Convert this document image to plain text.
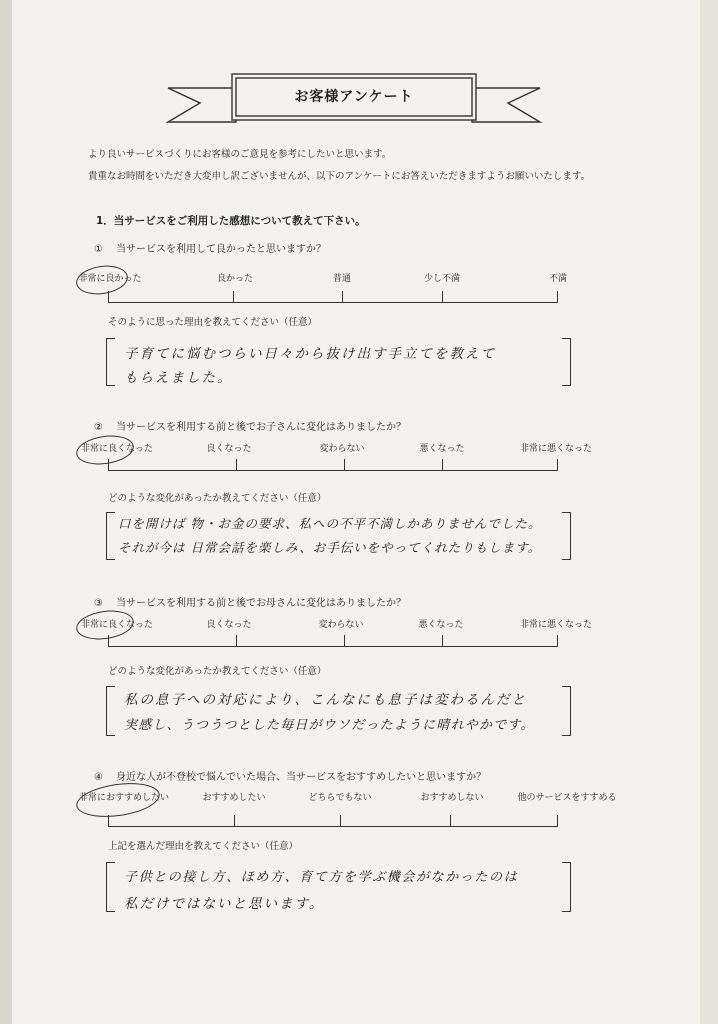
お客様アンケート
より良いサービスづくりにお客様のご意見を参考にしたいと思います。
貴重なお時間をいただき大変申し訳ございませんが、以下のアンケートにお答えいただきますようお願いいたします。
1．当サービスをご利用した感想について教えて下さい。
① 当サービスを利用して良かったと思いますか？
非常に良かった	良かった	普通	少し不満	不満
そのように思った理由を教えてください（任意）
子育てに悩むつらい日々から抜け出す手立てを教えて
もらえました。
② 当サービスを利用する前と後でお子さんに変化はありましたか？
非常に良くなった	良くなった	変わらない	悪くなった	非常に悪くなった
どのような変化があったか教えてください（任意）
口を開けば 物・お金の要求、私への不平不満しかありませんでした。
それが今は 日常会話を楽しみ、お手伝いをやってくれたりもします。
③ 当サービスを利用する前と後でお母さんに変化はありましたか？
非常に良くなった	良くなった	変わらない	悪くなった	非常に悪くなった
どのような変化があったか教えてください（任意）
私の息子への対応により、こんなにも息子は変わるんだと
実感し、うつうつとした毎日がウソだったように晴れやかです。
④ 身近な人が不登校で悩んでいた場合、当サービスをおすすめしたいと思いますか？
非常におすすめしたい	おすすめしたい	どちらでもない	おすすめしない	他のサービスをすすめる
上記を選んだ理由を教えてください（任意）
子供との接し方、ほめ方、育て方を学ぶ機会がなかったのは
私だけではないと思います。
